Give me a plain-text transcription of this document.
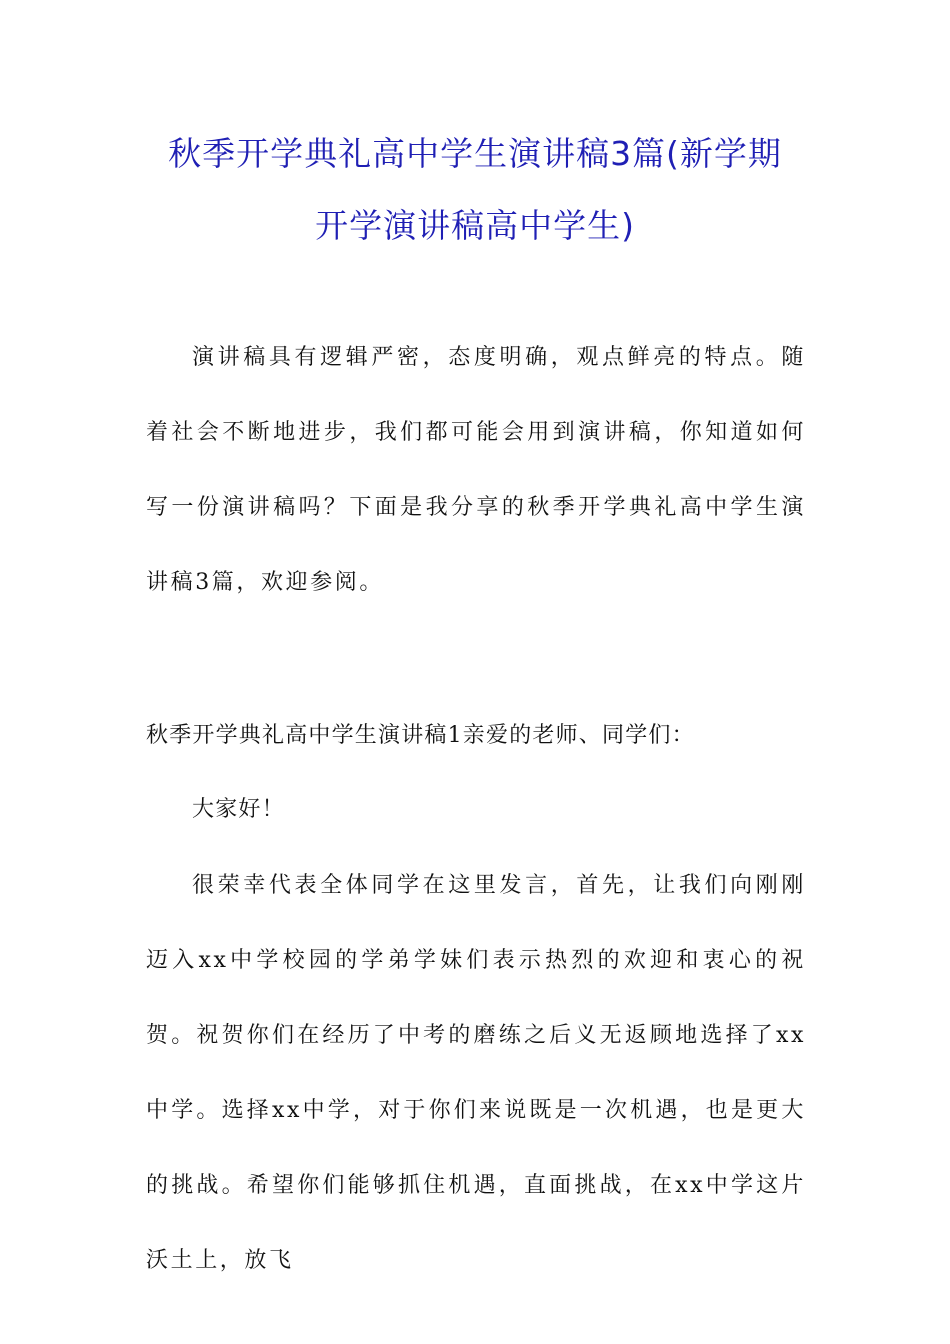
秋季开学典礼高中学生演讲稿3篇(新学期
开学演讲稿高中学生)

演讲稿具有逻辑严密，态度明确，观点鲜亮的特点。随着社会不断地进步，我们都可能会用到演讲稿，你知道如何写一份演讲稿吗？下面是我分享的秋季开学典礼高中学生演讲稿3篇，欢迎参阅。

秋季开学典礼高中学生演讲稿1亲爱的老师、同学们：

大家好！

很荣幸代表全体同学在这里发言，首先，让我们向刚刚迈入xx中学校园的学弟学妹们表示热烈的欢迎和衷心的祝贺。祝贺你们在经历了中考的磨练之后义无返顾地选择了xx中学。选择xx中学，对于你们来说既是一次机遇，也是更大的挑战。希望你们能够抓住机遇，直面挑战，在xx中学这片沃土上，放飞
